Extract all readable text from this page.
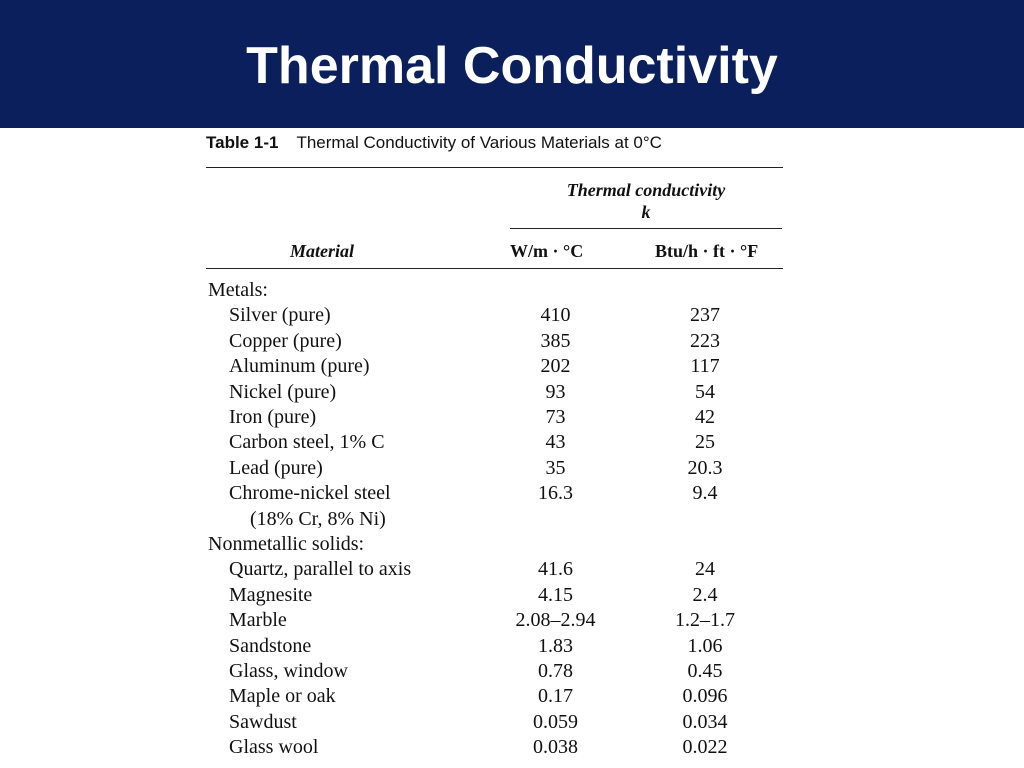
Thermal Conductivity
Table 1-1 Thermal Conductivity of Various Materials at 0°C
Thermal conductivity
k
Material	W/m · °C	Btu/h · ft · °F
Metals:
Silver (pure)	410	237
Copper (pure)	385	223
Aluminum (pure)	202	117
Nickel (pure)	93	54
Iron (pure)	73	42
Carbon steel, 1% C	43	25
Lead (pure)	35	20.3
Chrome-nickel steel	16.3	9.4
(18% Cr, 8% Ni)
Nonmetallic solids:
Quartz, parallel to axis	41.6	24
Magnesite	4.15	2.4
Marble	2.08–2.94	1.2–1.7
Sandstone	1.83	1.06
Glass, window	0.78	0.45
Maple or oak	0.17	0.096
Sawdust	0.059	0.034
Glass wool	0.038	0.022
